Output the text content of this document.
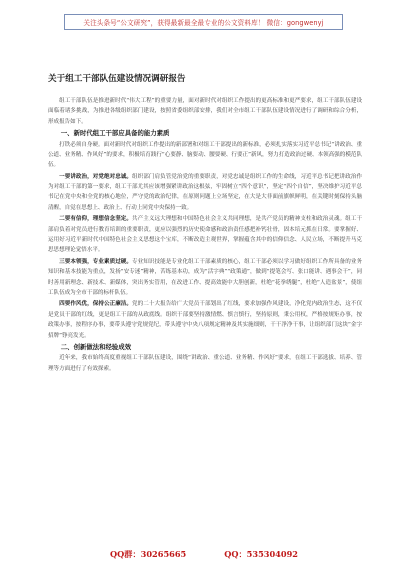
关注头条号“公文研究”，获得最新最全最专业的公文资料库！ 微信：gongwenyj
关于组工干部队伍建设情况调研报告

组工干部队伍是推进新时代“伟大工程”的重要力量，面对新时代对组织工作提出的更高标准和更严要求，组工干部队伍建设面临着诸多挑战，为推进各级组织部门建设，按照省委组织部安排，我们对全市组工干部队伍建设情况进行了调研和综合分析，形成报告如下。

一、新时代组工干部应具备的能力素质

打铁必须自身硬。面对新时代对组织工作提出的新部署和对组工干部提出的新标准，必须扎实落实习近平总书记“讲政治、重公道、业务精、作风好”的要求，积极培育践行“心要静、脑要动、腰要硬、行要正”新风，努力打造政治过硬、本领高强的模范队伍。

一要讲政治，对党绝对忠诚。组织部门肩负管党治党的重要职责，对党忠诚是组织工作的生命线，习近平总书记把讲政治作为对组工干部的第一要求，组工干部尤其应该增强紧讲政治这根弦，牢固树立“四个意识”，坚定“四个自信”，坚决维护习近平总书记在党中央和全党的核心地位，严守党的政治纪律，在原则问题上立场坚定，在大是大非面前旗帜鲜明，在关键时刻保持头脑清醒，自觉在思想上、政治上、行动上同党中央保持一致。

二要有信仰，理想信念坚定。共产主义远大理想和中国特色社会主义共同理想，是共产党员的精神支柱和政治灵魂。组工干部肩负着对党员进行教育培训的重要职责，更应以强烈的历史使命感和政治责任感把补钙壮骨，固本培元抓在日常。要掌握好、运用好习近平新时代中国特色社会主义思想这个宝库，不断改造主观世界，掌握蕴含其中的信仰信念、人民立场，不断提升马克思思想理论觉悟水平。

三要本领强，专业素质过硬。专业知识技能是专业化组工干部素质的核心，组工干部必须以学习做好组织工作所具备的业务知识和基本技能为重点，发扬“安专迷”精神，苦练基本功，成为“活字典”“政策通”，做到“提笔会写、张口能讲、遇事会干”，同时善用新理念、新技术、新媒体，突出务实管用，在改进工作、提高效能中大胆创新，杜绝“花拳绣腿”，杜绝“人造盆景”，使组工队伍成为全市干部的标杆队伍。

四要作风优，保持公正廉洁。党的二十大报告给广大党员干部划出了红线，要求加强作风建设，净化党内政治生态，这不仅是党员干部的红线，更是组工干部的从政底线。组织干部要坚持激情燃、慎言慎行，坚持原则，秉公用权，严格按规矩办事，按政策办事，按程序办事，要带头遵守党规党纪，带头遵守中央八项规定精神及其实施细则，干干净净干事，让组织部门这块“金字招牌”铮亮发光。

二、创新做法和经验成效

近年来，我市始终高度重视组工干部队伍建设，围绕“讲政治、重公道、业务精、作风好”要求，在组工干部选拔、培养、管理等方面进行了有效探索。

QQ群：30265665	QQ：535304092
